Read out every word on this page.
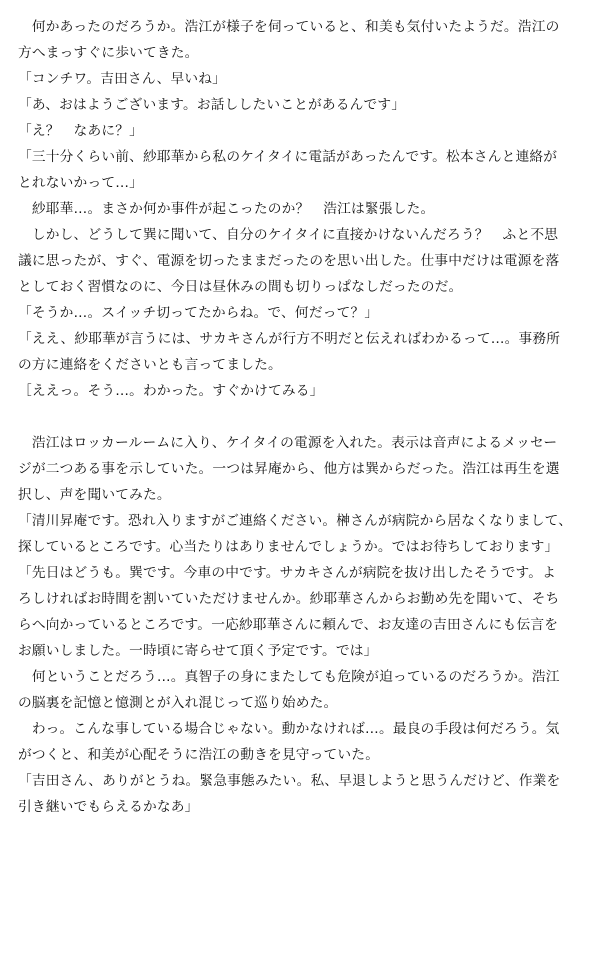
　何かあったのだろうか。浩江が様子を伺っていると、和美も気付いたようだ。浩江の
方へまっすぐに歩いてきた。
「コンチワ。吉田さん、早いね」
「あ、おはようございます。お話ししたいことがあるんです」
「え？　なあに？」
「三十分くらい前、紗耶華から私のケイタイに電話があったんです。松本さんと連絡が
とれないかって…」
　紗耶華…。まさか何か事件が起こったのか？　浩江は緊張した。
　しかし、どうして巽に聞いて、自分のケイタイに直接かけないんだろう？　ふと不思
議に思ったが、すぐ、電源を切ったままだったのを思い出した。仕事中だけは電源を落
としておく習慣なのに、今日は昼休みの間も切りっぱなしだったのだ。
「そうか…。スイッチ切ってたからね。で、何だって？」
「ええ、紗耶華が言うには、サカキさんが行方不明だと伝えればわかるって…。事務所
の方に連絡をくださいとも言ってました。
［ええっ。そう…。わかった。すぐかけてみる」
　浩江はロッカールームに入り、ケイタイの電源を入れた。表示は音声によるメッセー
ジが二つある事を示していた。一つは昇庵から、他方は巽からだった。浩江は再生を選
択し、声を聞いてみた。
「清川昇庵です。恐れ入りますがご連絡ください。榊さんが病院から居なくなりまして、
探しているところです。心当たりはありませんでしょうか。ではお待ちしております」
「先日はどうも。巽です。今車の中です。サカキさんが病院を抜け出したそうです。よ
ろしければお時間を割いていただけませんか。紗耶華さんからお勤め先を聞いて、そち
らへ向かっているところです。一応紗耶華さんに頼んで、お友達の吉田さんにも伝言を
お願いしました。一時頃に寄らせて頂く予定です。では」
　何ということだろう…。真智子の身にまたしても危険が迫っているのだろうか。浩江
の脳裏を記憶と憶測とが入れ混じって巡り始めた。
　わっ。こんな事している場合じゃない。動かなければ…。最良の手段は何だろう。気
がつくと、和美が心配そうに浩江の動きを見守っていた。
「吉田さん、ありがとうね。緊急事態みたい。私、早退しようと思うんだけど、作業を
引き継いでもらえるかなあ」
